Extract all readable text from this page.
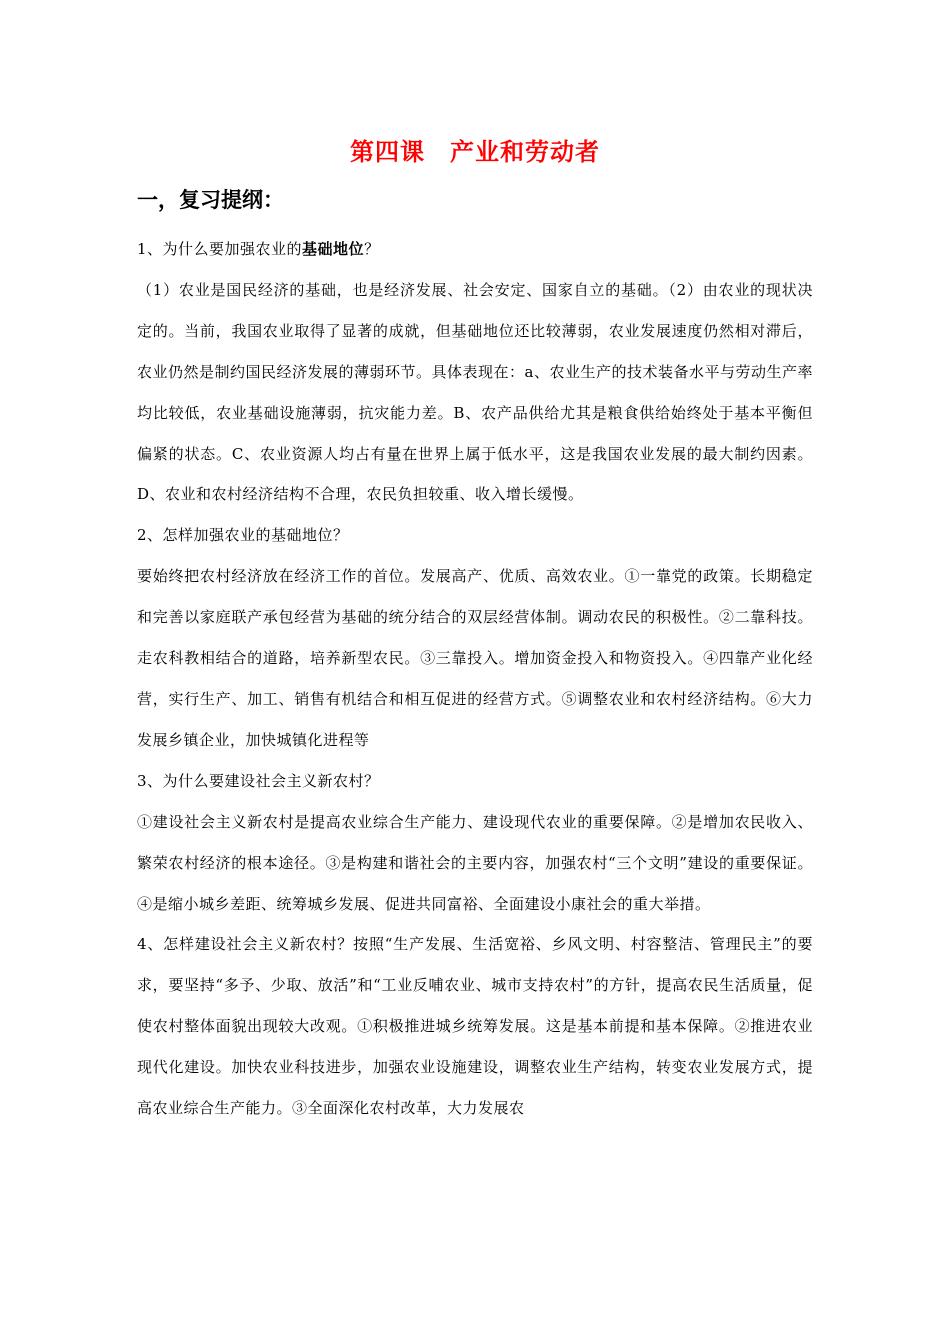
第四课　产业和劳动者
一，复习提纲：

1、为什么要加强农业的基础地位？

（1）农业是国民经济的基础，也是经济发展、社会安定、国家自立的基础。（2）由农业的现状决定的。当前，我国农业取得了显著的成就，但基础地位还比较薄弱，农业发展速度仍然相对滞后，农业仍然是制约国民经济发展的薄弱环节。具体表现在：a、农业生产的技术装备水平与劳动生产率均比较低，农业基础设施薄弱，抗灾能力差。B、农产品供给尤其是粮食供给始终处于基本平衡但偏紧的状态。C、农业资源人均占有量在世界上属于低水平，这是我国农业发展的最大制约因素。D、农业和农村经济结构不合理，农民负担较重、收入增长缓慢。

2、怎样加强农业的基础地位？

要始终把农村经济放在经济工作的首位。发展高产、优质、高效农业。①一靠党的政策。长期稳定和完善以家庭联产承包经营为基础的统分结合的双层经营体制。调动农民的积极性。②二靠科技。走农科教相结合的道路，培养新型农民。③三靠投入。增加资金投入和物资投入。④四靠产业化经营，实行生产、加工、销售有机结合和相互促进的经营方式。⑤调整农业和农村经济结构。⑥大力发展乡镇企业，加快城镇化进程等

3、为什么要建设社会主义新农村？

①建设社会主义新农村是提高农业综合生产能力、建设现代农业的重要保障。②是增加农民收入、繁荣农村经济的根本途径。③是构建和谐社会的主要内容，加强农村“三个文明”建设的重要保证。④是缩小城乡差距、统筹城乡发展、促进共同富裕、全面建设小康社会的重大举措。

4、怎样建设社会主义新农村？按照“生产发展、生活宽裕、乡风文明、村容整洁、管理民主”的要求，要坚持“多予、少取、放活”和“工业反哺农业、城市支持农村”的方针，提高农民生活质量，促使农村整体面貌出现较大改观。①积极推进城乡统筹发展。这是基本前提和基本保障。②推进农业现代化建设。加快农业科技进步，加强农业设施建设，调整农业生产结构，转变农业发展方式，提高农业综合生产能力。③全面深化农村改革，大力发展农
